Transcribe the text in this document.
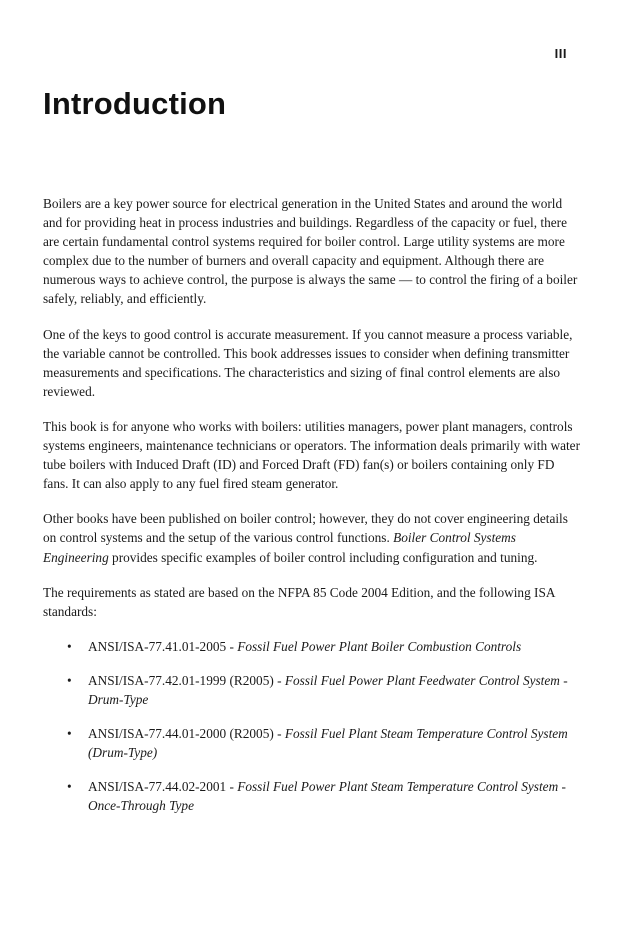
III
Introduction

Boilers are a key power source for electrical generation in the United States and around the world and for providing heat in process industries and buildings. Regardless of the capacity or fuel, there are certain fundamental control systems required for boiler control. Large utility systems are more complex due to the number of burners and overall capacity and equipment. Although there are numerous ways to achieve control, the purpose is always the same — to control the firing of a boiler safely, reliably, and efficiently.

One of the keys to good control is accurate measurement. If you cannot measure a process variable, the variable cannot be controlled. This book addresses issues to consider when defining transmitter measurements and specifications. The characteristics and sizing of final control elements are also reviewed.

This book is for anyone who works with boilers: utilities managers, power plant managers, controls systems engineers, maintenance technicians or operators. The information deals primarily with water tube boilers with Induced Draft (ID) and Forced Draft (FD) fan(s) or boilers containing only FD fans. It can also apply to any fuel fired steam generator.

Other books have been published on boiler control; however, they do not cover engineering details on control systems and the setup of the various control functions. Boiler Control Systems Engineering provides specific examples of boiler control including configuration and tuning.

The requirements as stated are based on the NFPA 85 Code 2004 Edition, and the following ISA standards:

• ANSI/ISA-77.41.01-2005 - Fossil Fuel Power Plant Boiler Combustion Controls
• ANSI/ISA-77.42.01-1999 (R2005) - Fossil Fuel Power Plant Feedwater Control System - Drum-Type
• ANSI/ISA-77.44.01-2000 (R2005) - Fossil Fuel Plant Steam Temperature Control System (Drum-Type)
• ANSI/ISA-77.44.02-2001 - Fossil Fuel Power Plant Steam Temperature Control System - Once-Through Type
